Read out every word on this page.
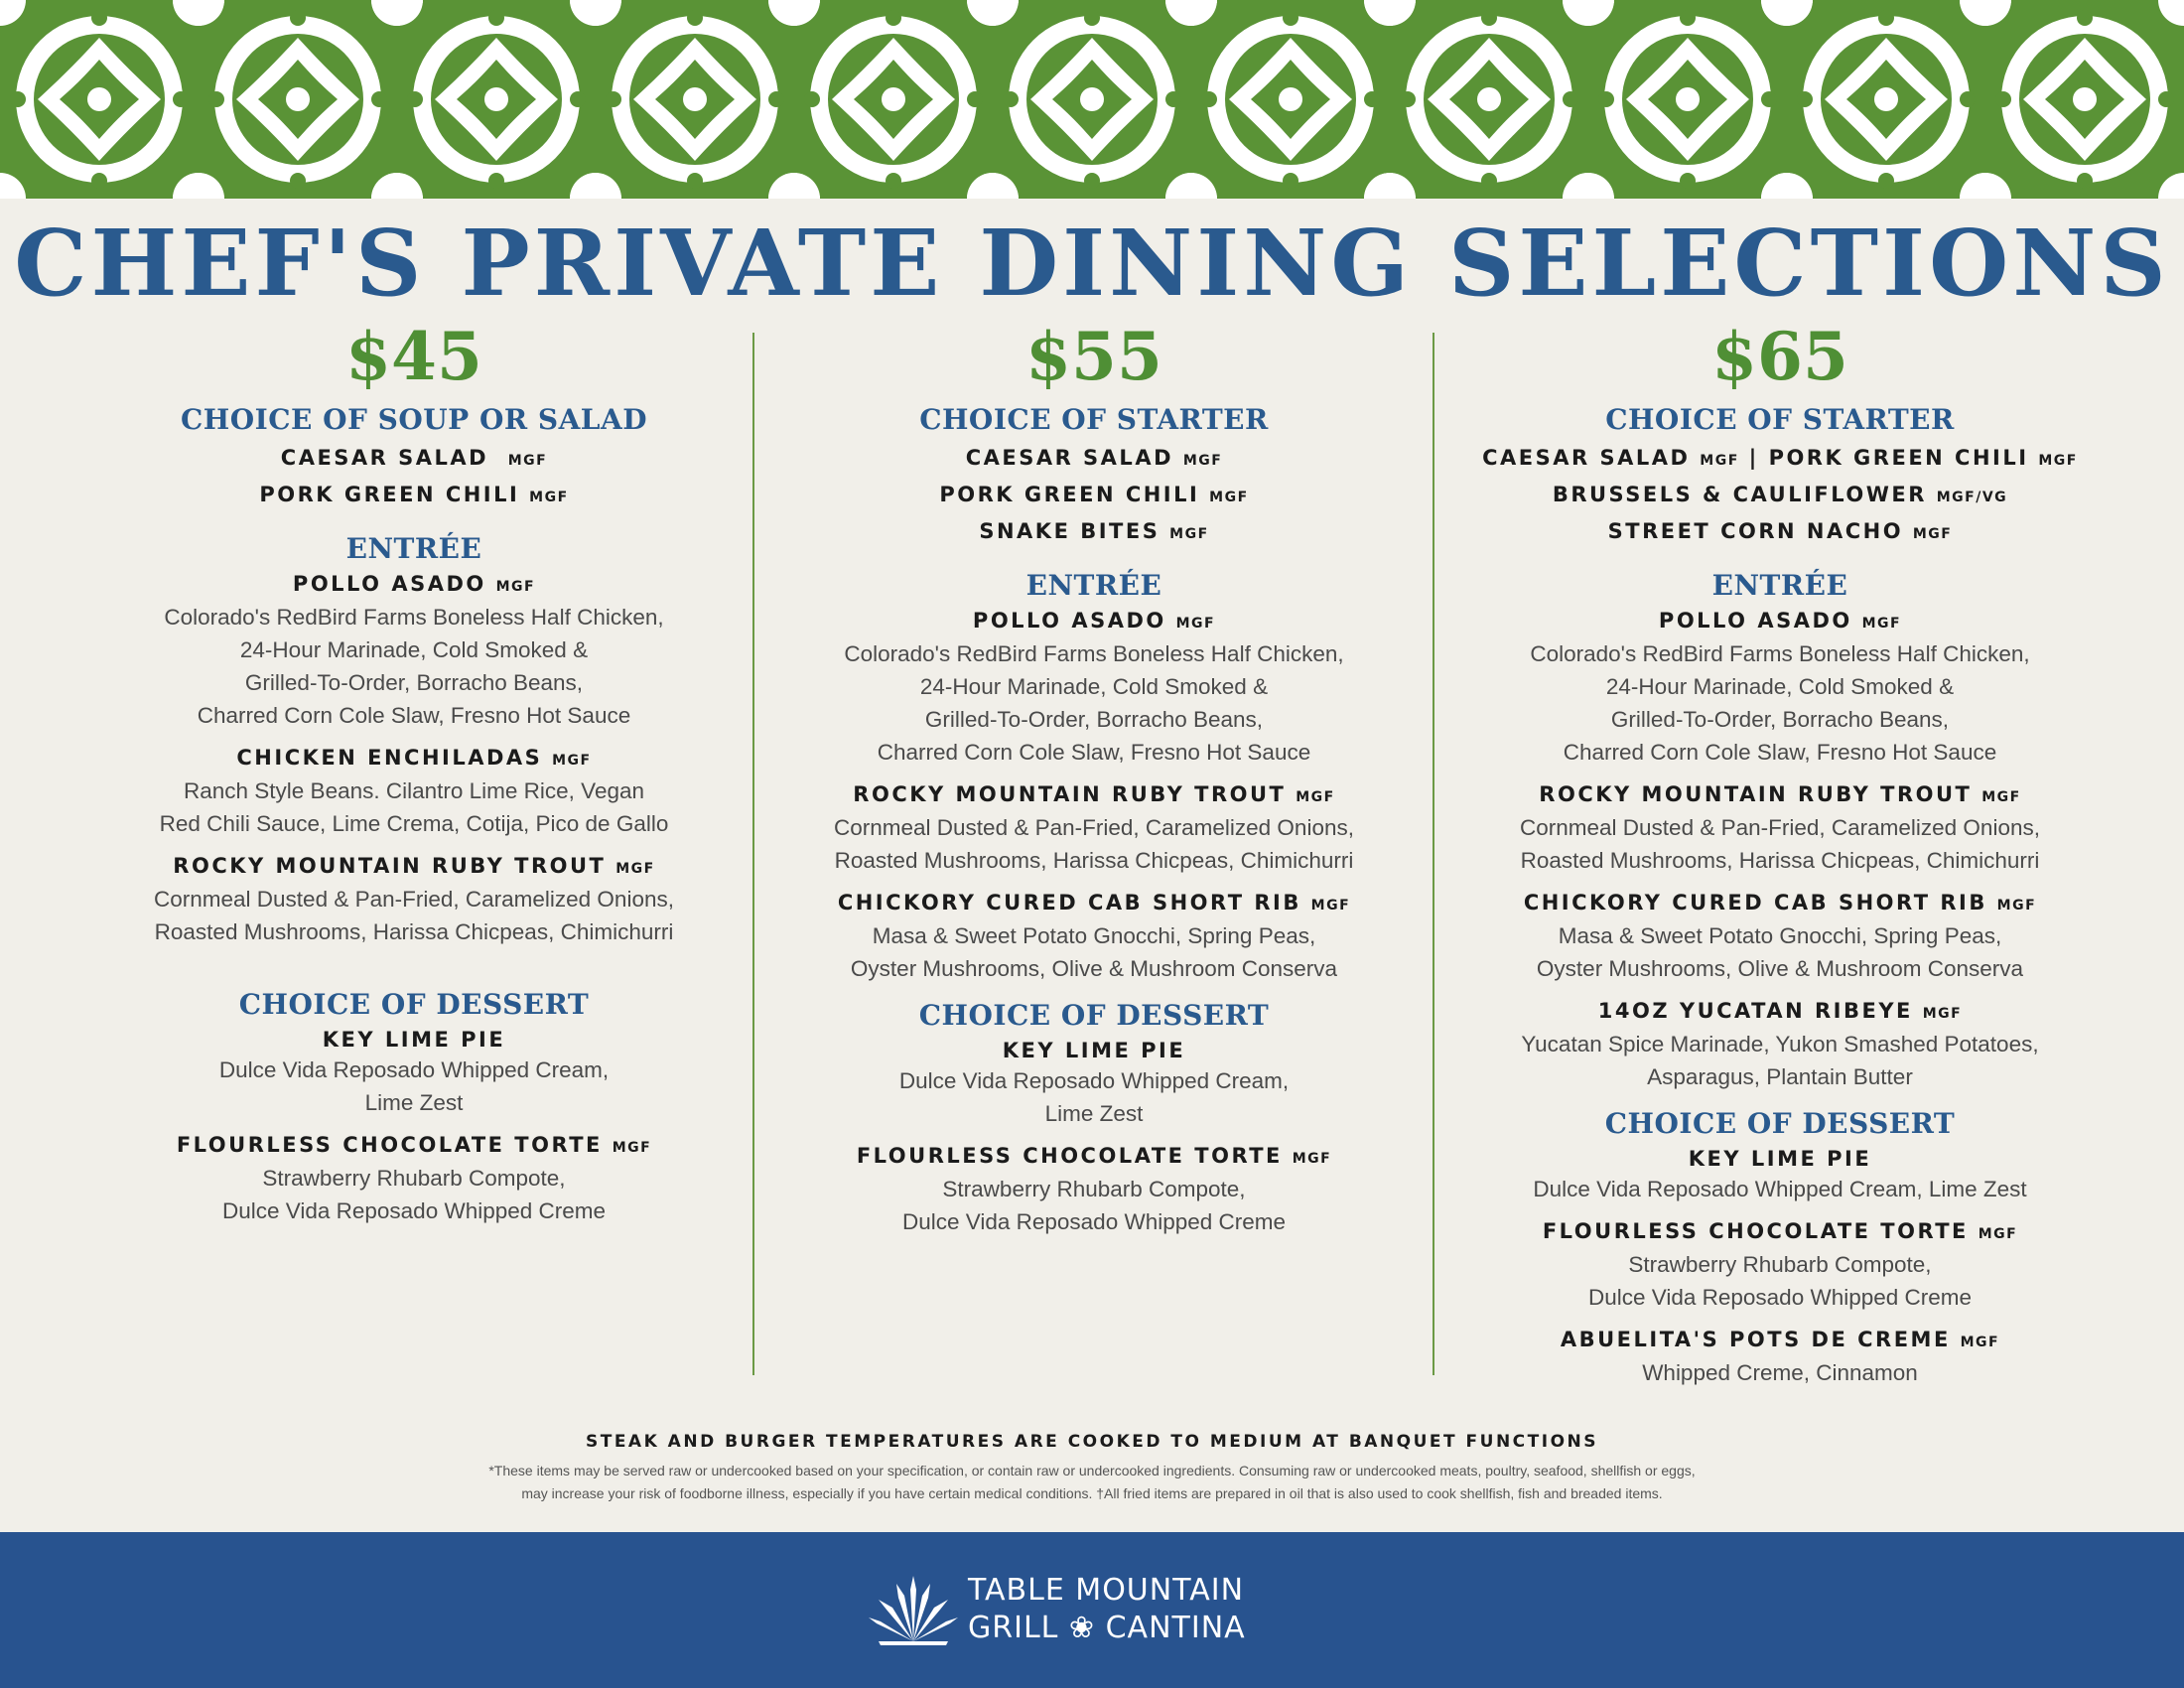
CHEF'S PRIVATE DINING SELECTIONS

$45

CHOICE OF SOUP OR SALAD

CAESAR SALAD MGF

PORK GREEN CHILI MGF

ENTRÉE

POLLO ASADO MGF

Colorado's RedBird Farms Boneless Half Chicken,

24-Hour Marinade, Cold Smoked &

Grilled-To-Order, Borracho Beans,

Charred Corn Cole Slaw, Fresno Hot Sauce

CHICKEN ENCHILADAS MGF

Ranch Style Beans. Cilantro Lime Rice, Vegan

Red Chili Sauce, Lime Crema, Cotija, Pico de Gallo

ROCKY MOUNTAIN RUBY TROUT MGF

Cornmeal Dusted & Pan-Fried, Caramelized Onions,

Roasted Mushrooms, Harissa Chicpeas, Chimichurri

CHOICE OF DESSERT

KEY LIME PIE

Dulce Vida Reposado Whipped Cream,

Lime Zest

FLOURLESS CHOCOLATE TORTE MGF

Strawberry Rhubarb Compote,

Dulce Vida Reposado Whipped Creme

$55

CHOICE OF STARTER

CAESAR SALAD MGF

PORK GREEN CHILI MGF

SNAKE BITES MGF

ENTRÉE

POLLO ASADO MGF

Colorado's RedBird Farms Boneless Half Chicken,

24-Hour Marinade, Cold Smoked &

Grilled-To-Order, Borracho Beans,

Charred Corn Cole Slaw, Fresno Hot Sauce

ROCKY MOUNTAIN RUBY TROUT MGF

Cornmeal Dusted & Pan-Fried, Caramelized Onions,

Roasted Mushrooms, Harissa Chicpeas, Chimichurri

CHICKORY CURED CAB SHORT RIB MGF

Masa & Sweet Potato Gnocchi, Spring Peas,

Oyster Mushrooms, Olive & Mushroom Conserva

CHOICE OF DESSERT

KEY LIME PIE

Dulce Vida Reposado Whipped Cream,

Lime Zest

FLOURLESS CHOCOLATE TORTE MGF

Strawberry Rhubarb Compote,

Dulce Vida Reposado Whipped Creme

$65

CHOICE OF STARTER

CAESAR SALAD MGF | PORK GREEN CHILI MGF

BRUSSELS & CAULIFLOWER MGF/VG

STREET CORN NACHO MGF

ENTRÉE

POLLO ASADO MGF

Colorado's RedBird Farms Boneless Half Chicken,

24-Hour Marinade, Cold Smoked &

Grilled-To-Order, Borracho Beans,

Charred Corn Cole Slaw, Fresno Hot Sauce

ROCKY MOUNTAIN RUBY TROUT MGF

Cornmeal Dusted & Pan-Fried, Caramelized Onions,

Roasted Mushrooms, Harissa Chicpeas, Chimichurri

CHICKORY CURED CAB SHORT RIB MGF

Masa & Sweet Potato Gnocchi, Spring Peas,

Oyster Mushrooms, Olive & Mushroom Conserva

14OZ YUCATAN RIBEYE MGF

Yucatan Spice Marinade, Yukon Smashed Potatoes,

Asparagus, Plantain Butter

CHOICE OF DESSERT

KEY LIME PIE

Dulce Vida Reposado Whipped Cream, Lime Zest

FLOURLESS CHOCOLATE TORTE MGF

Strawberry Rhubarb Compote,

Dulce Vida Reposado Whipped Creme

ABUELITA'S POTS DE CREME MGF

Whipped Creme, Cinnamon

STEAK AND BURGER TEMPERATURES ARE COOKED TO MEDIUM AT BANQUET FUNCTIONS

*These items may be served raw or undercooked based on your specification, or contain raw or undercooked ingredients. Consuming raw or undercooked meats, poultry, seafood, shellfish or eggs,

may increase your risk of foodborne illness, especially if you have certain medical conditions. †All fried items are prepared in oil that is also used to cook shellfish, fish and breaded items.

TABLE MOUNTAIN

GRILL ❀ CANTINA
